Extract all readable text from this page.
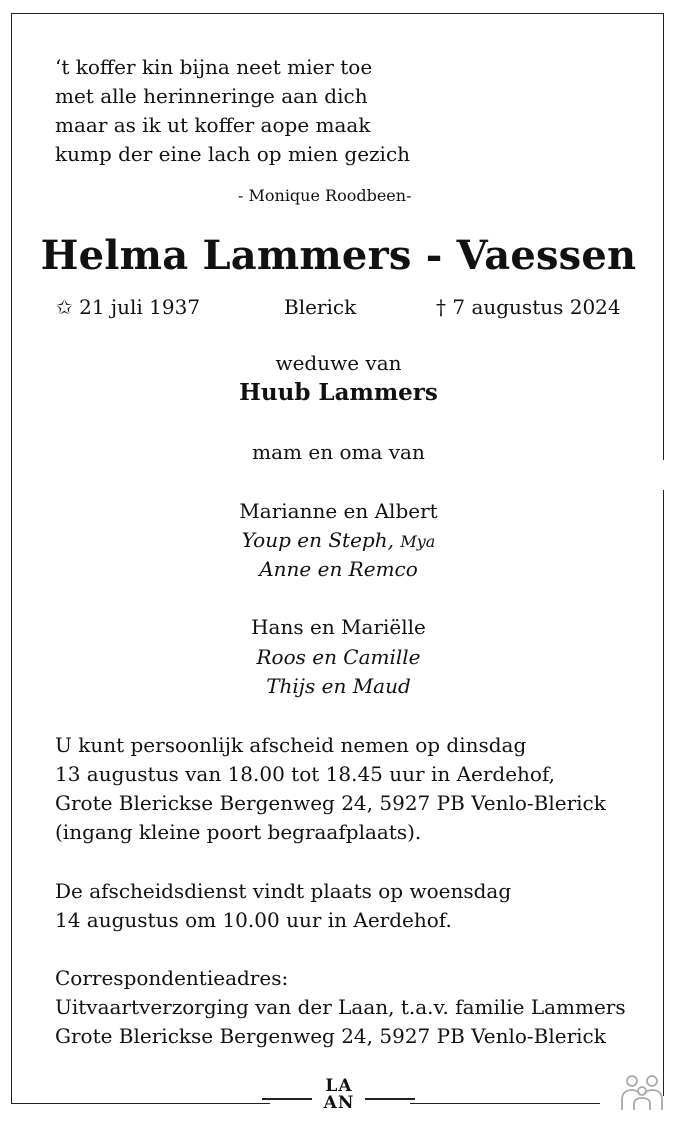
‘t koffer kin bijna neet mier toe
met alle herinneringe aan dich
maar as ik ut koffer aope maak
kump der eine lach op mien gezich
- Monique Roodbeen-
Helma Lammers - Vaessen
✩ 21 juli 1937	Blerick	† 7 augustus 2024
weduwe van
Huub Lammers
mam en oma van
Marianne en Albert
Youp en Steph, Mya
Anne en Remco
Hans en Mariëlle
Roos en Camille
Thijs en Maud
U kunt persoonlijk afscheid nemen op dinsdag
13 augustus van 18.00 tot 18.45 uur in Aerdehof,
Grote Blerickse Bergenweg 24, 5927 PB Venlo-Blerick
(ingang kleine poort begraafplaats).
De afscheidsdienst vindt plaats op woensdag
14 augustus om 10.00 uur in Aerdehof.
Correspondentieadres:
Uitvaartverzorging van der Laan, t.a.v. familie Lammers
Grote Blerickse Bergenweg 24, 5927 PB Venlo-Blerick
LA
AN
